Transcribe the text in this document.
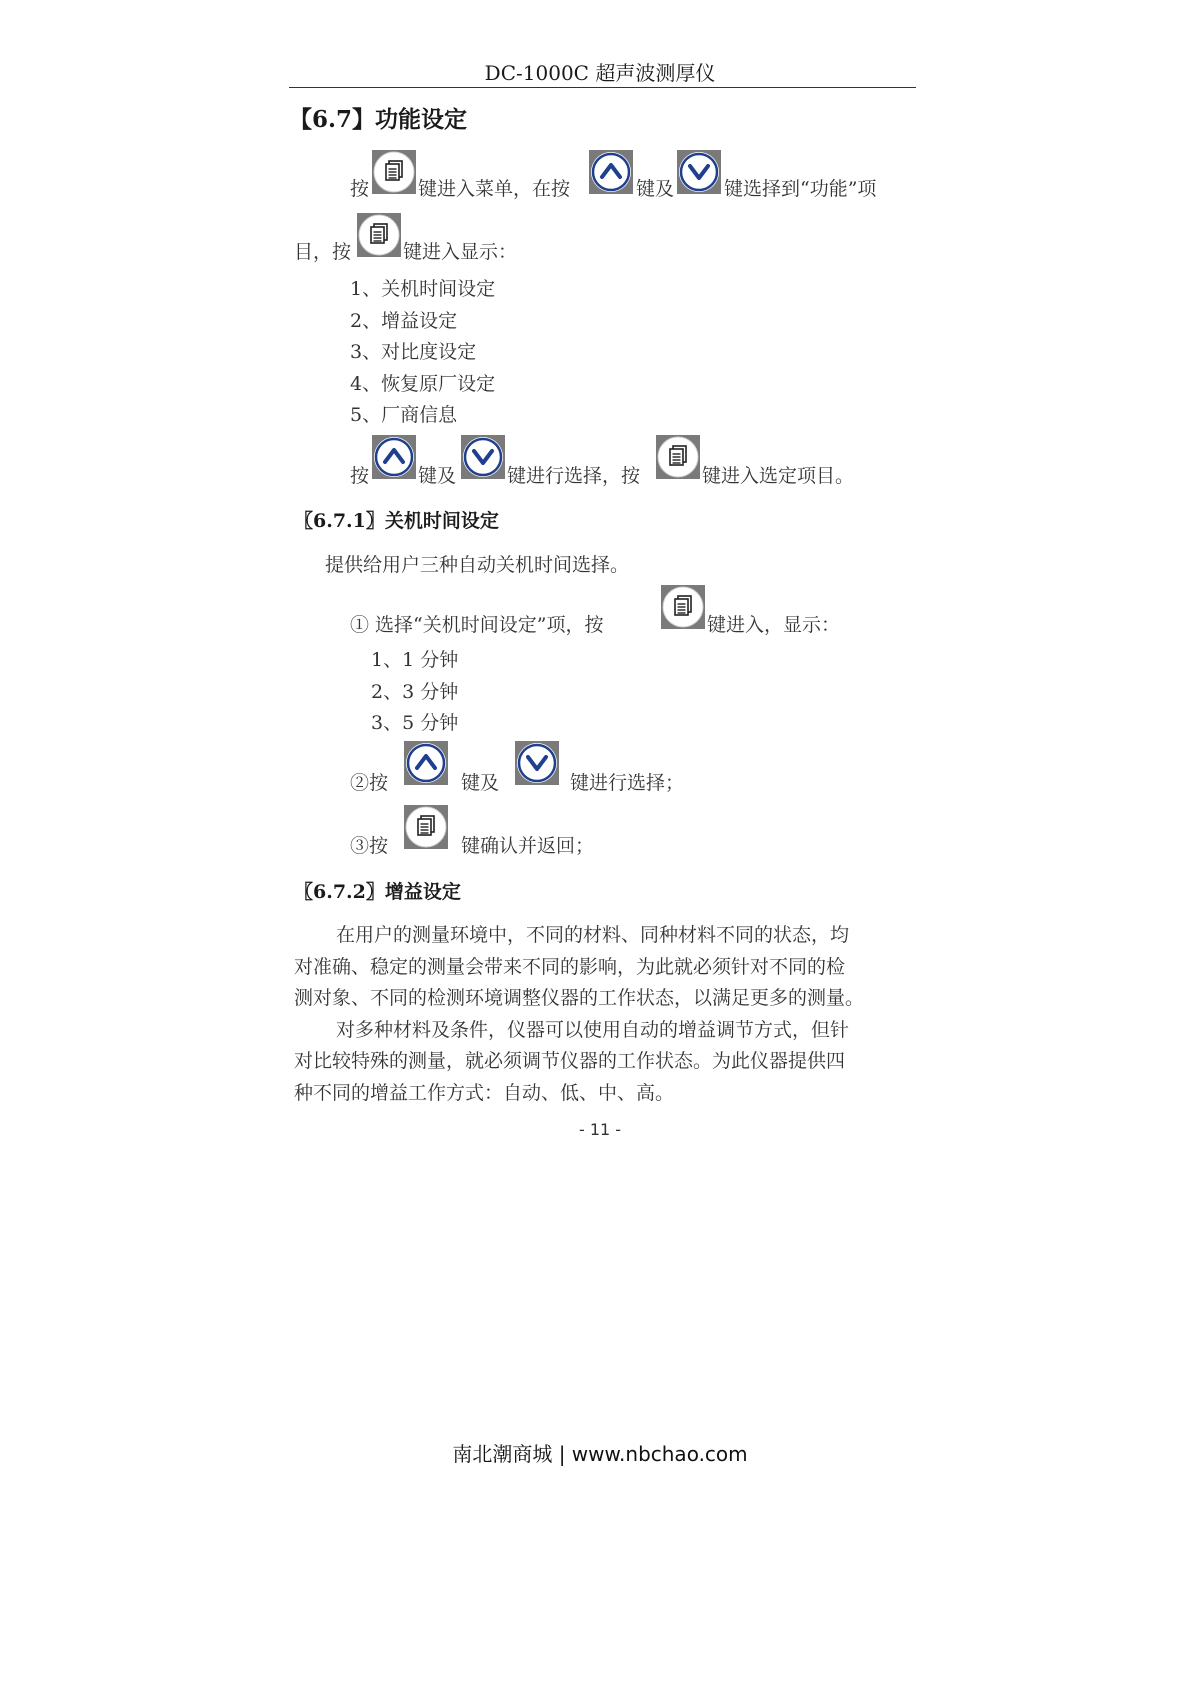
DC-1000C 超声波测厚仪
【6.7】功能设定
按	键进入菜单，在按	键及	键选择到“功能”项
目，按	键进入显示：
1、关机时间设定
2、增益设定
3、对比度设定
4、恢复原厂设定
5、厂商信息
按	键及	键进行选择，按	键进入选定项目。
〖6.7.1〗关机时间设定
提供给用户三种自动关机时间选择。
① 选择“关机时间设定”项，按	键进入，显示：
1、1 分钟
2、3 分钟
3、5 分钟
②按	键及	键进行选择；
③按	键确认并返回；
〖6.7.2〗增益设定
在用户的测量环境中，不同的材料、同种材料不同的状态，均
对准确、稳定的测量会带来不同的影响，为此就必须针对不同的检
测对象、不同的检测环境调整仪器的工作状态，以满足更多的测量。
对多种材料及条件，仪器可以使用自动的增益调节方式，但针
对比较特殊的测量，就必须调节仪器的工作状态。为此仪器提供四
种不同的增益工作方式：自动、低、中、高。
- 11 -
南北潮商城 | www.nbchao.com
